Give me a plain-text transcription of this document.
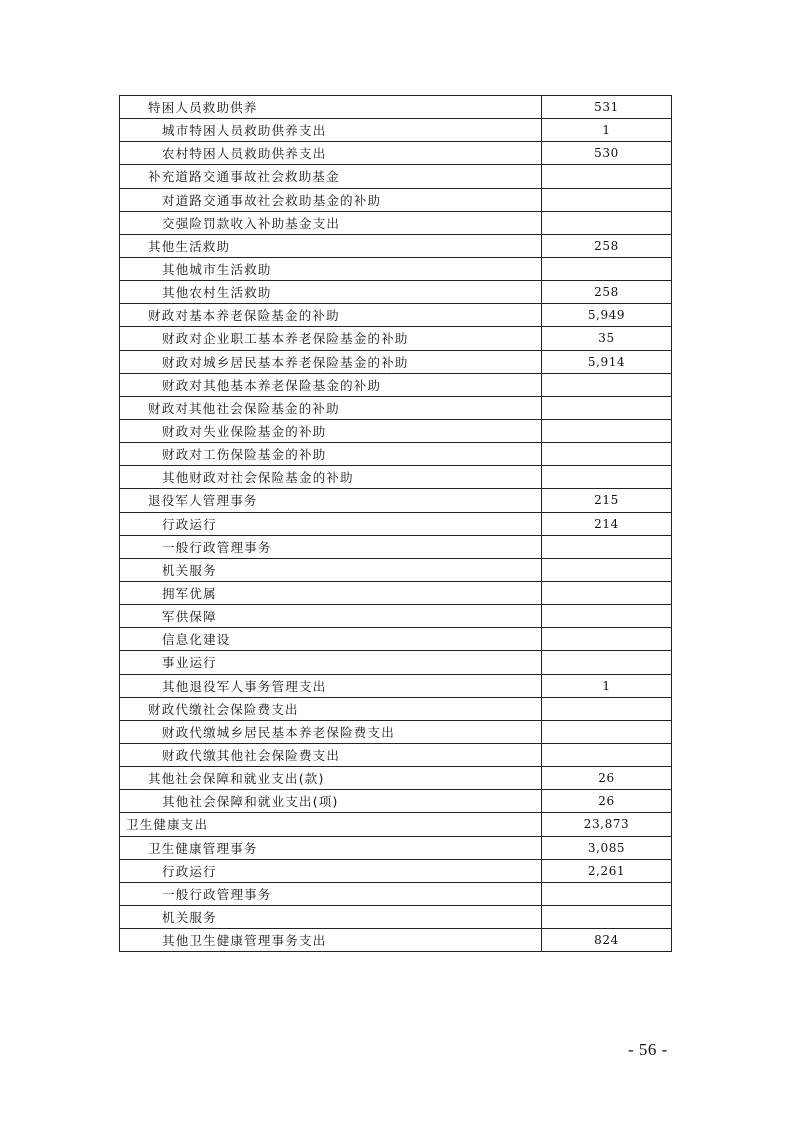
特困人员救助供养	531
城市特困人员救助供养支出	1
农村特困人员救助供养支出	530
补充道路交通事故社会救助基金	
对道路交通事故社会救助基金的补助	
交强险罚款收入补助基金支出	
其他生活救助	258
其他城市生活救助	
其他农村生活救助	258
财政对基本养老保险基金的补助	5,949
财政对企业职工基本养老保险基金的补助	35
财政对城乡居民基本养老保险基金的补助	5,914
财政对其他基本养老保险基金的补助	
财政对其他社会保险基金的补助	
财政对失业保险基金的补助	
财政对工伤保险基金的补助	
其他财政对社会保险基金的补助	
退役军人管理事务	215
行政运行	214
一般行政管理事务	
机关服务	
拥军优属	
军供保障	
信息化建设	
事业运行	
其他退役军人事务管理支出	1
财政代缴社会保险费支出	
财政代缴城乡居民基本养老保险费支出	
财政代缴其他社会保险费支出	
其他社会保障和就业支出(款)	26
其他社会保障和就业支出(项)	26
卫生健康支出	23,873
卫生健康管理事务	3,085
行政运行	2,261
一般行政管理事务	
机关服务	
其他卫生健康管理事务支出	824
- 56 -
